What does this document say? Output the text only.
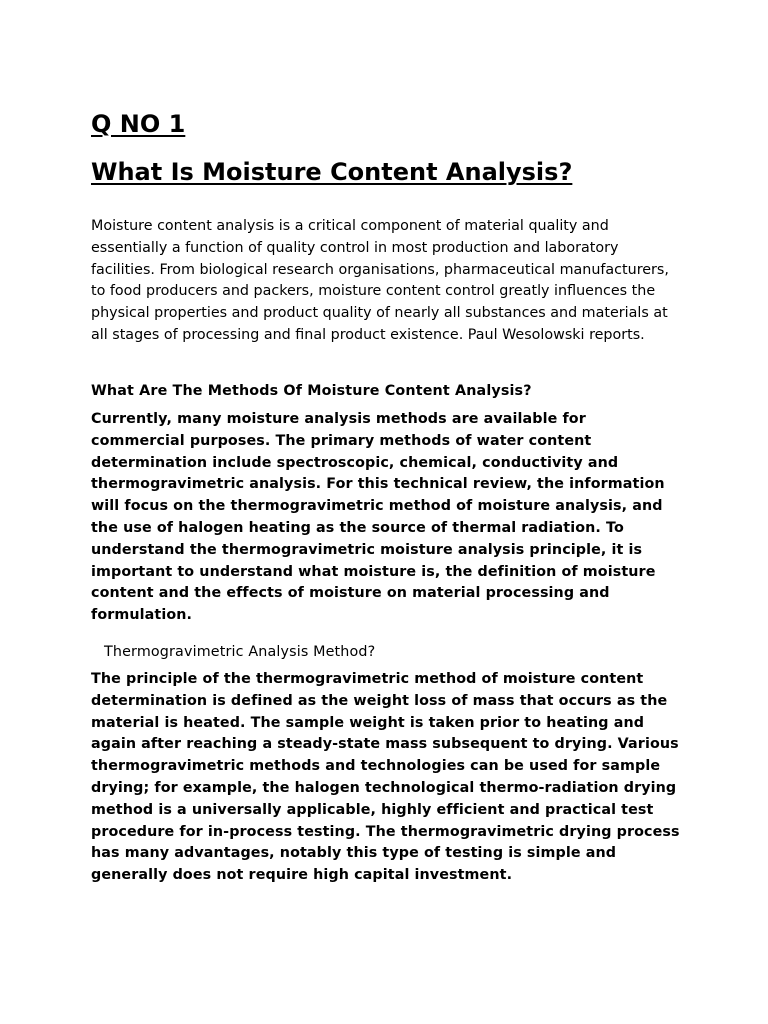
Q NO 1
What Is Moisture Content Analysis?

Moisture content analysis is a critical component of material quality and essentially a function of quality control in most production and laboratory facilities. From biological research organisations, pharmaceutical manufacturers, to food producers and packers, moisture content control greatly influences the physical properties and product quality of nearly all substances and materials at all stages of processing and final product existence. Paul Wesolowski reports.

What Are The Methods Of Moisture Content Analysis?

Currently, many moisture analysis methods are available for commercial purposes. The primary methods of water content determination include spectroscopic, chemical, conductivity and thermogravimetric analysis. For this technical review, the information will focus on the thermogravimetric method of moisture analysis, and the use of halogen heating as the source of thermal radiation. To understand the thermogravimetric moisture analysis principle, it is important to understand what moisture is, the definition of moisture content and the effects of moisture on material processing and formulation.

Thermogravimetric Analysis Method?

The principle of the thermogravimetric method of moisture content determination is defined as the weight loss of mass that occurs as the material is heated. The sample weight is taken prior to heating and again after reaching a steady-state mass subsequent to drying. Various thermogravimetric methods and technologies can be used for sample drying; for example, the halogen technological thermo-radiation drying method is a universally applicable, highly efficient and practical test procedure for in-process testing. The thermogravimetric drying process has many advantages, notably this type of testing is simple and generally does not require high capital investment.
